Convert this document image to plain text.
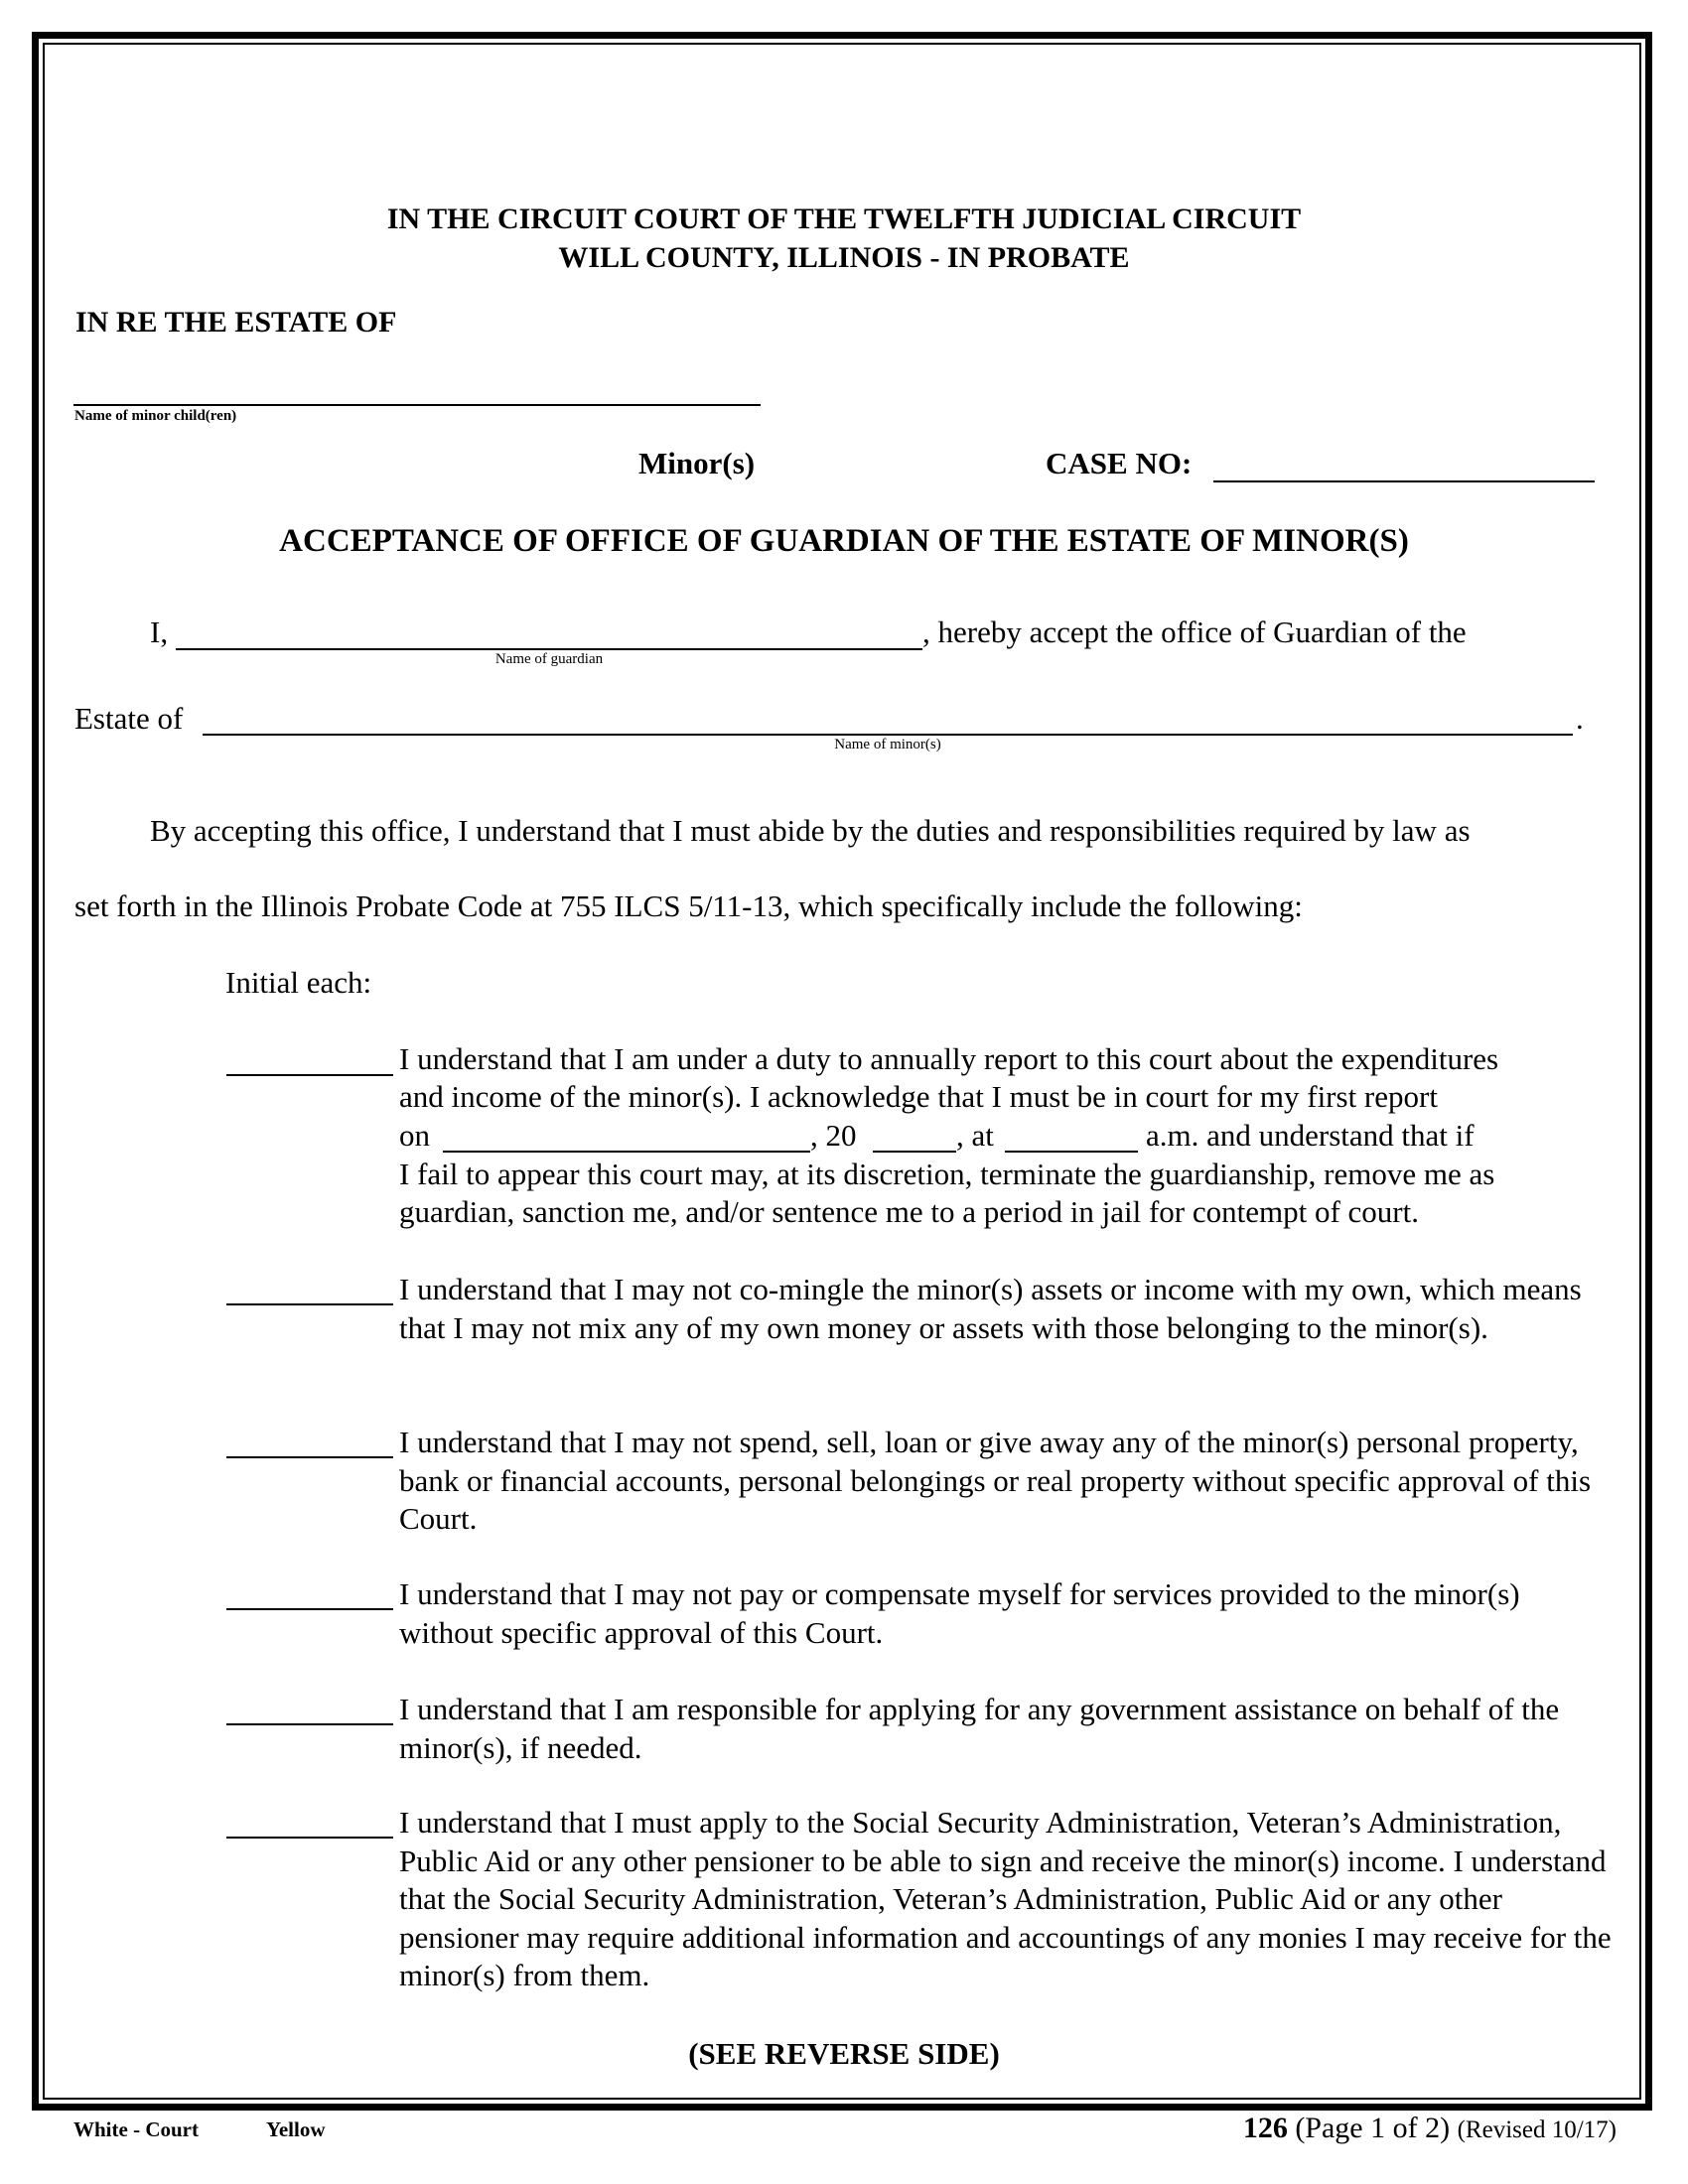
IN THE CIRCUIT COURT OF THE TWELFTH JUDICIAL CIRCUIT
WILL COUNTY, ILLINOIS - IN PROBATE
IN RE THE ESTATE OF
Name of minor child(ren)
Minor(s)	CASE NO:
ACCEPTANCE OF OFFICE OF GUARDIAN OF THE ESTATE OF MINOR(S)
I,
Name of guardian
, hereby accept the office of Guardian of the
Estate of
Name of minor(s)
.
By accepting this office, I understand that I must abide by the duties and responsibilities required by law as
set forth in the Illinois Probate Code at 755 ILCS 5/11-13, which specifically include the following:
Initial each:
I understand that I am under a duty to annually report to this court about the expenditures
and income of the minor(s). I acknowledge that I must be in court for my first report
on	, 20	, at	a.m. and understand that if
I fail to appear this court may, at its discretion, terminate the guardianship, remove me as
guardian, sanction me, and/or sentence me to a period in jail for contempt of court.
I understand that I may not co-mingle the minor(s) assets or income with my own, which means that I may not mix any of my own money or assets with those belonging to the minor(s).
I understand that I may not spend, sell, loan or give away any of the minor(s) personal property, bank or financial accounts, personal belongings or real property without specific approval of this Court.
I understand that I may not pay or compensate myself for services provided to the minor(s) without specific approval of this Court.
I understand that I am responsible for applying for any government assistance on behalf of the minor(s), if needed.
I understand that I must apply to the Social Security Administration, Veteran’s Administration, Public Aid or any other pensioner to be able to sign and receive the minor(s) income. I understand that the Social Security Administration, Veteran’s Administration, Public Aid or any other pensioner may require additional information and accountings of any monies I may receive for the minor(s) from them.
(SEE REVERSE SIDE)
White - Court	Yellow	126 (Page 1 of 2) (Revised 10/17)
